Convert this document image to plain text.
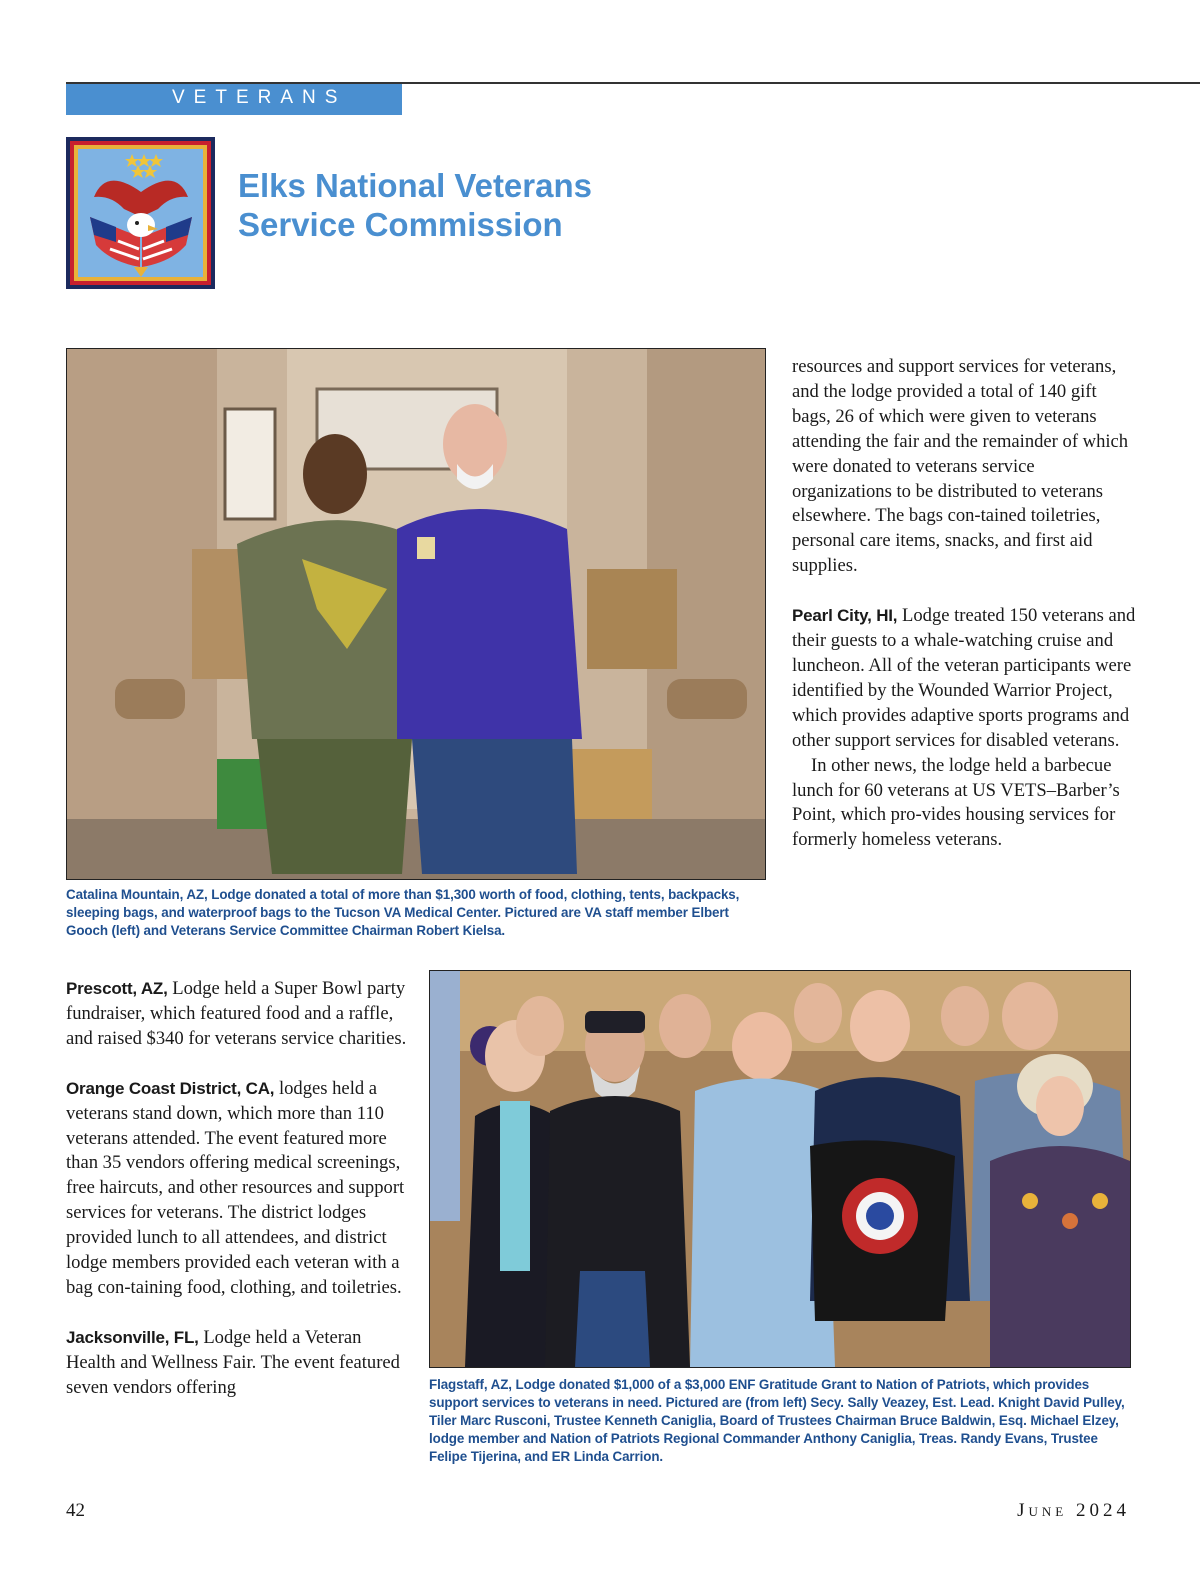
VETERANS
Elks National Veterans
Service Commission
Catalina Mountain, AZ, Lodge donated a total of more than $1,300 worth of food, clothing, tents, backpacks, sleeping bags, and waterproof bags to the Tucson VA Medical Center. Pictured are VA staff member Elbert Gooch (left) and Veterans Service Committee Chairman Robert Kielsa.

resources and support services for veterans, and the lodge provided a total of 140 gift bags, 26 of which were given to veterans attending the fair and the remainder of which were donated to veterans service organizations to be distributed to veterans elsewhere. The bags con-tained toiletries, personal care items, snacks, and first aid supplies.

Pearl City, HI, Lodge treated 150 veterans and their guests to a whale-watching cruise and luncheon. All of the veteran participants were identified by the Wounded Warrior Project, which provides adaptive sports programs and other support services for disabled veterans.

In other news, the lodge held a barbecue lunch for 60 veterans at US VETS–Barber’s Point, which pro-vides housing services for formerly homeless veterans.

Prescott, AZ, Lodge held a Super Bowl party fundraiser, which featured food and a raffle, and raised $340 for veterans service charities.

Orange Coast District, CA, lodges held a veterans stand down, which more than 110 veterans attended. The event featured more than 35 vendors offering medical screenings, free haircuts, and other resources and support services for veterans. The district lodges provided lunch to all attendees, and district lodge members provided each veteran with a bag con-taining food, clothing, and toiletries.

Jacksonville, FL, Lodge held a Veteran Health and Wellness Fair. The event featured seven vendors offering	Flagstaff, AZ, Lodge donated $1,000 of a $3,000 ENF Gratitude Grant to Nation of Patriots, which provides support services to veterans in need. Pictured are (from left) Secy. Sally Veazey, Est. Lead. Knight David Pulley, Tiler Marc Rusconi, Trustee Kenneth Caniglia, Board of Trustees Chairman Bruce Baldwin, Esq. Michael Elzey, lodge member and Nation of Patriots Regional Commander Anthony Caniglia, Treas. Randy Evans, Trustee Felipe Tijerina, and ER Linda Carrion.
42	June 2024
